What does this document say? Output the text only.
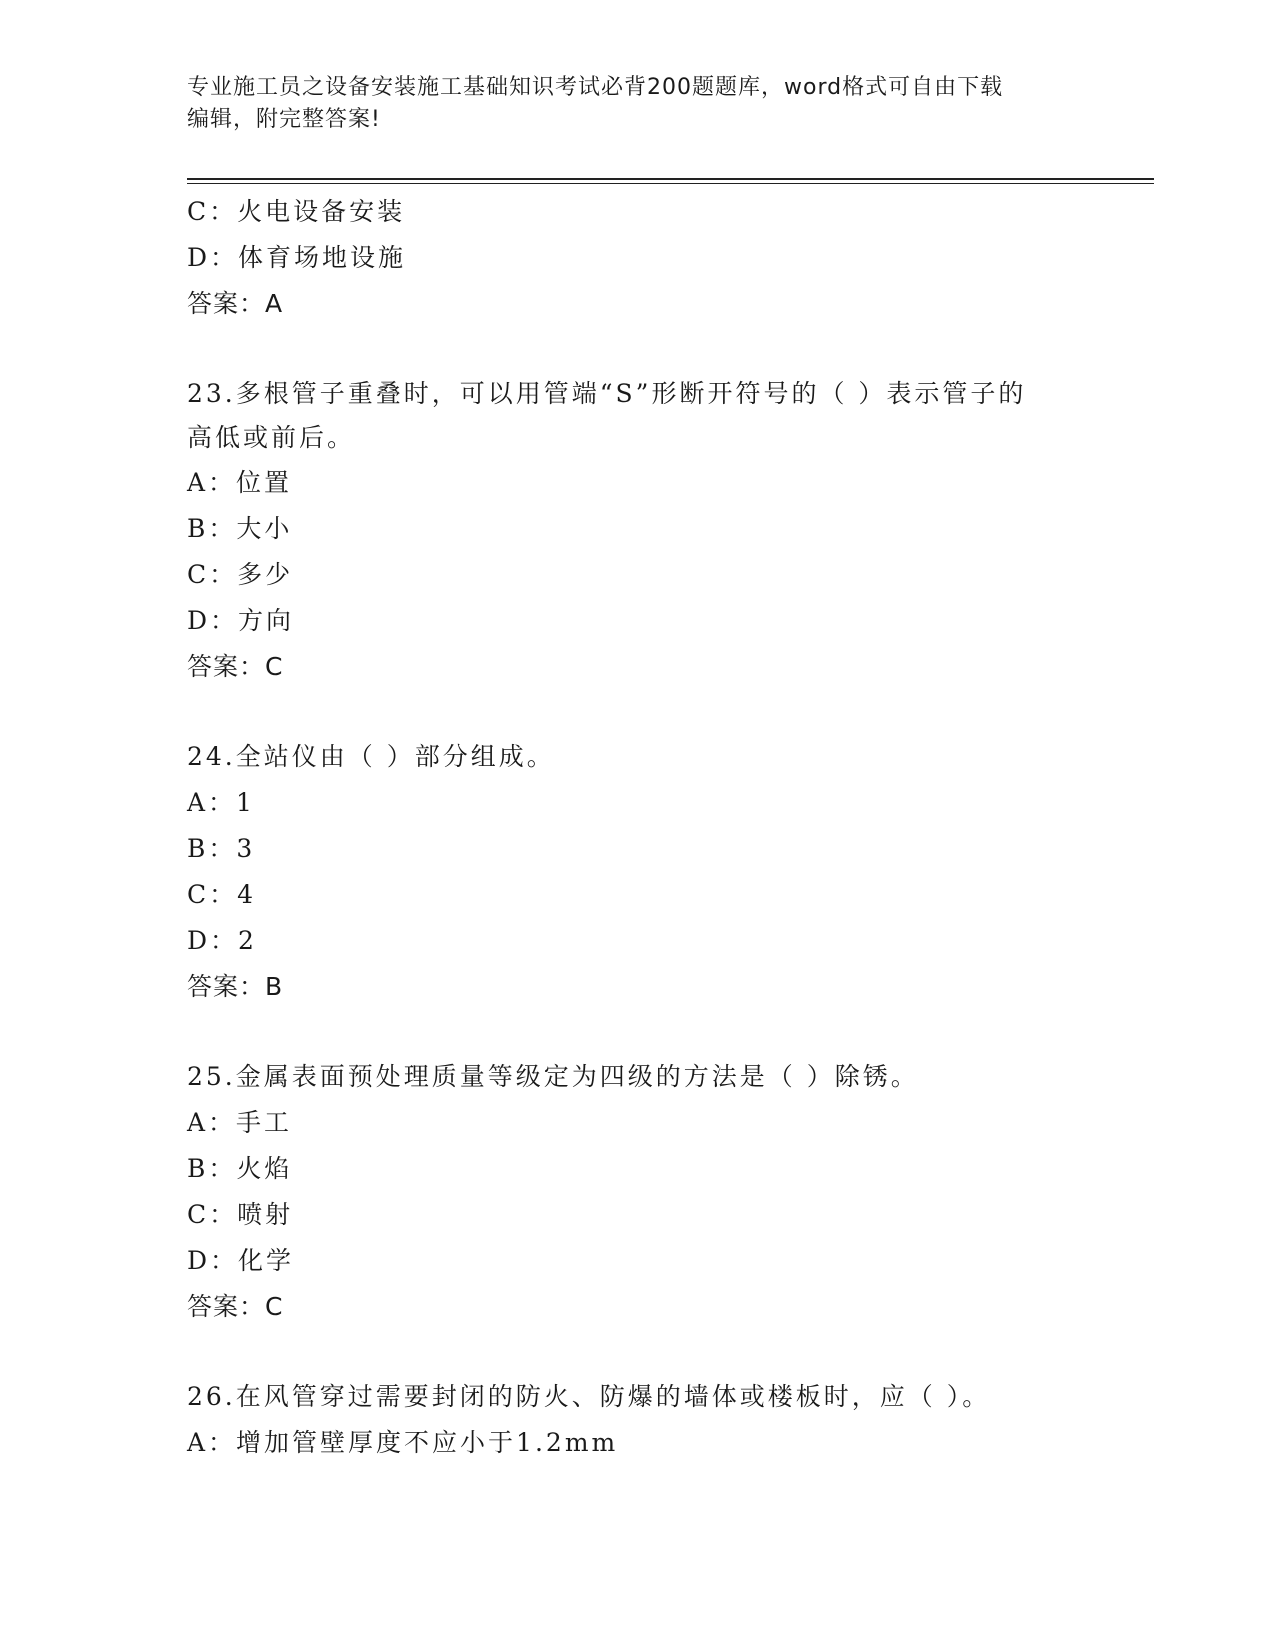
专业施工员之设备安装施工基础知识考试必背200题题库，word格式可自由下载
编辑，附完整答案!
C：火电设备安装
D：体育场地设施
答案：A
23.多根管子重叠时，可以用管端“S”形断开符号的（ ）表示管子的
高低或前后。
A：位置
B：大小
C：多少
D：方向
答案：C
24.全站仪由（ ）部分组成。
A：1
B：3
C：4
D：2
答案：B
25.金属表面预处理质量等级定为四级的方法是（ ）除锈。
A：手工
B：火焰
C：喷射
D：化学
答案：C
26.在风管穿过需要封闭的防火、防爆的墙体或楼板时，应（ ）。
A：增加管壁厚度不应小于1.2mm
